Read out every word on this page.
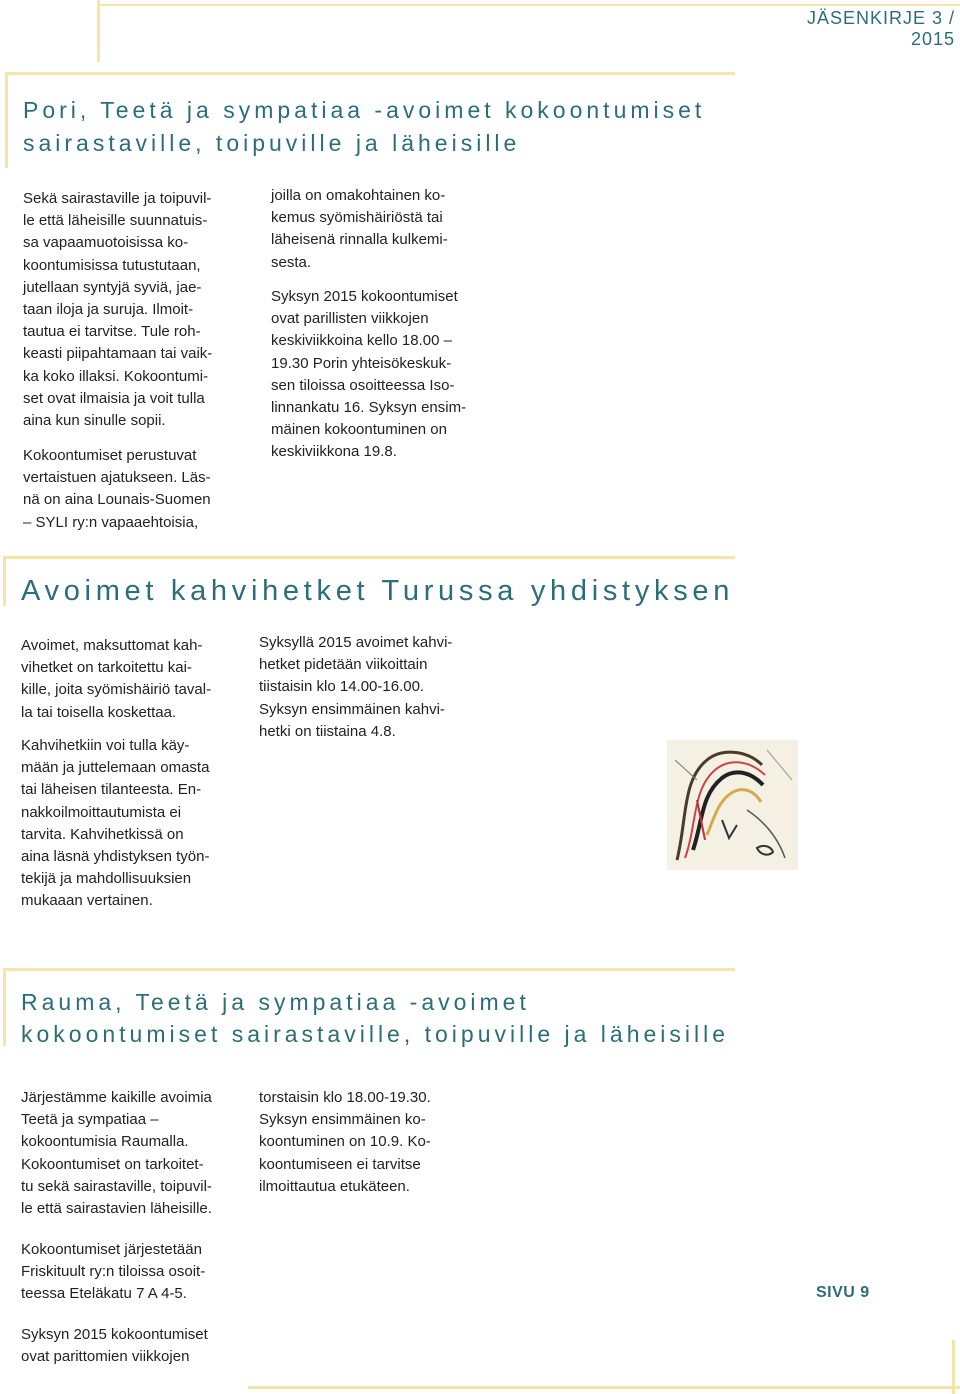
JÄSENKIRJE 3 / 2015
Pori, Teetä ja sympatiaa -avoimet kokoontumiset
sairastaville, toipuville ja läheisille

Sekä sairastaville ja toipuvil-
le että läheisille suunnatuis-
sa vapaamuotoisissa ko-
koontumisissa tutustutaan,
jutellaan syntyjä syviä, jae-
taan iloja ja suruja. Ilmoit-
tautua ei tarvitse. Tule roh-
keasti piipahtamaan tai vaik-
ka koko illaksi. Kokoontumi-
set ovat ilmaisia ja voit tulla
aina kun sinulle sopii.

Kokoontumiset perustuvat
vertaistuen ajatukseen. Läs-
nä on aina Lounais-Suomen
– SYLI ry:n vapaaehtoisia,

joilla on omakohtainen ko-
kemus syömishäiriöstä tai
läheisenä rinnalla kulkemi-
sesta.

Syksyn 2015 kokoontumiset
ovat parillisten viikkojen
keskiviikkoina kello 18.00 –
19.30 Porin yhteisökeskuk-
sen tiloissa osoitteessa Iso-
linnankatu 16. Syksyn ensim-
mäinen kokoontuminen on
keskiviikkona 19.8.

Avoimet kahvihetket Turussa yhdistyksen

Avoimet, maksuttomat kah-
vihetket on tarkoitettu kai-
kille, joita syömishäiriö taval-
la tai toisella koskettaa.

Kahvihetkiin voi tulla käy-
mään ja juttelemaan omasta
tai läheisen tilanteesta. En-
nakkoilmoittautumista ei
tarvita. Kahvihetkissä on
aina läsnä yhdistyksen työn-
tekijä ja mahdollisuuksien
mukaaan vertainen.

Syksyllä 2015 avoimet kahvi-
hetket pidetään viikoittain
tiistaisin klo 14.00-16.00.
Syksyn ensimmäinen kahvi-
hetki on tiistaina 4.8.

Rauma, Teetä ja sympatiaa -avoimet
kokoontumiset sairastaville, toipuville ja läheisille

Järjestämme kaikille avoimia
Teetä ja sympatiaa –
kokoontumisia Raumalla.
Kokoontumiset on tarkoitet-
tu sekä sairastaville, toipuvil-
le että sairastavien läheisille.

Kokoontumiset järjestetään
Friskituult ry:n tiloissa osoit-
teessa Eteläkatu 7 A 4-5.

Syksyn 2015 kokoontumiset
ovat parittomien viikkojen

torstaisin klo 18.00-19.30.
Syksyn ensimmäinen ko-
koontuminen on 10.9. Ko-
koontumiseen ei tarvitse
ilmoittautua etukäteen.

SIVU 9
